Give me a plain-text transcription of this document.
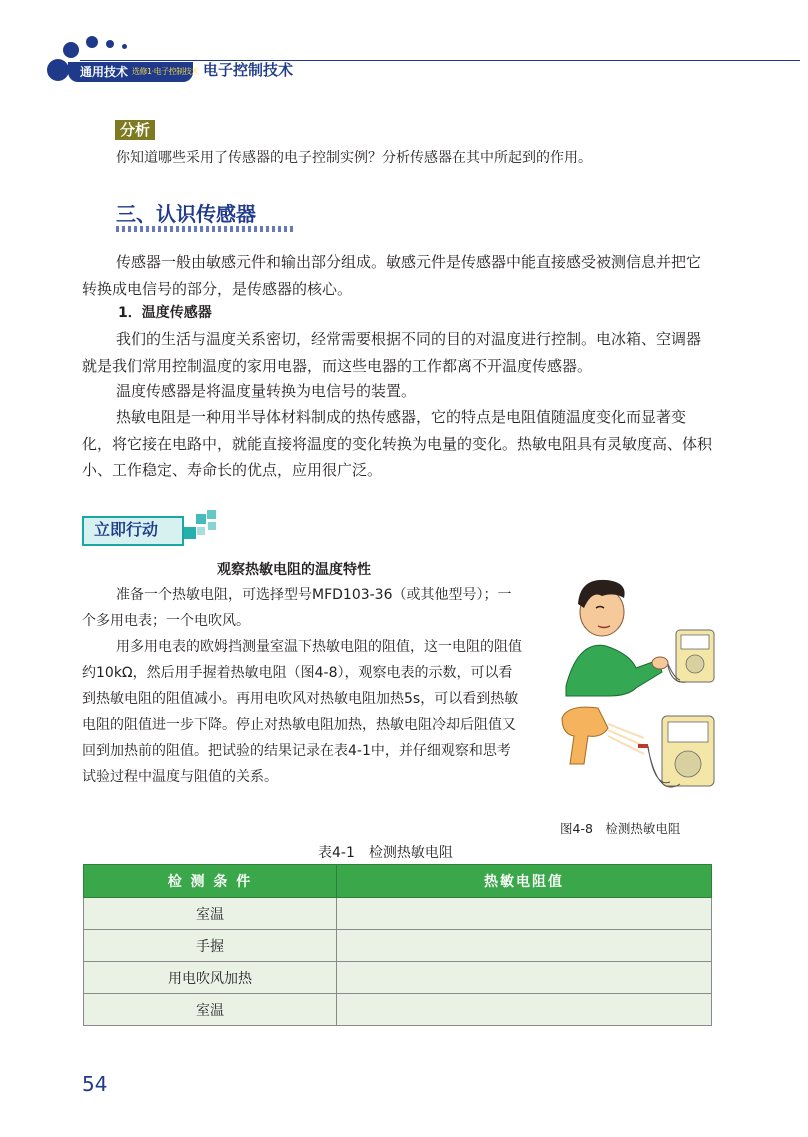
通用技术 选修1·电子控制技术 电子控制技术
分析

你知道哪些采用了传感器的电子控制实例？分析传感器在其中所起到的作用。

三、认识传感器

传感器一般由敏感元件和输出部分组成。敏感元件是传感器中能直接感受被测信息并把它转换成电信号的部分，是传感器的核心。

1．温度传感器

我们的生活与温度关系密切，经常需要根据不同的目的对温度进行控制。电冰箱、空调器就是我们常用控制温度的家用电器，而这些电器的工作都离不开温度传感器。

温度传感器是将温度量转换为电信号的装置。

热敏电阻是一种用半导体材料制成的热传感器，它的特点是电阻值随温度变化而显著变化，将它接在电路中，就能直接将温度的变化转换为电量的变化。热敏电阻具有灵敏度高、体积小、工作稳定、寿命长的优点，应用很广泛。

立即行动
观察热敏电阻的温度特性

准备一个热敏电阻，可选择型号MFD103-36（或其他型号）；一个多用电表；一个电吹风。

用多用电表的欧姆挡测量室温下热敏电阻的阻值，这一电阻的阻值约10kΩ，然后用手握着热敏电阻（图4-8），观察电表的示数，可以看到热敏电阻的阻值减小。再用电吹风对热敏电阻加热5s，可以看到热敏电阻的阻值进一步下降。停止对热敏电阻加热，热敏电阻冷却后阻值又回到加热前的阻值。把试验的结果记录在表4-1中，并仔细观察和思考试验过程中温度与阻值的关系。

图4-8　检测热敏电阻
表4-1　检测热敏电阻
检 测 条 件	热敏电阻值
室温	
手握	
用电吹风加热	
室温	
54
